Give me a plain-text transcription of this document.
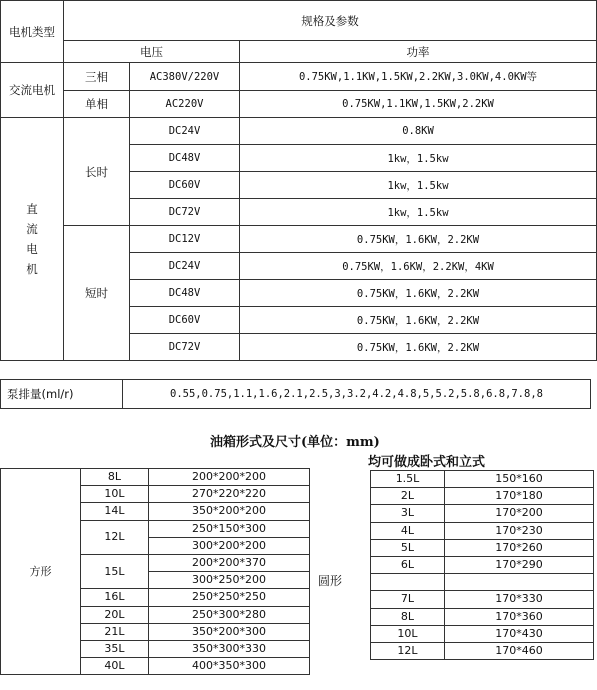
电机类型	规格及参数		
	电压		功率
交流电机	三相	AC380V/220V	0.75KW,1.1KW,1.5KW,2.2KW,3.0KW,4.0KW等
	单相	AC220V	0.75KW,1.1KW,1.5KW,2.2KW
直流电机	长时	DC24V	0.8KW
		DC48V	1kw，1.5kw
		DC60V	1kw，1.5kw
		DC72V	1kw，1.5kw
	短时	DC12V	0.75KW，1.6KW，2.2KW
		DC24V	0.75KW，1.6KW，2.2KW，4KW
		DC48V	0.75KW，1.6KW，2.2KW
		DC60V	0.75KW，1.6KW，2.2KW
		DC72V	0.75KW，1.6KW，2.2KW
泵排量(ml/r)	0.55,0.75,1.1,1.6,2.1,2.5,3,3.2,4.2,4.8,5,5.2,5.8,6.8,7.8,8
油箱形式及尺寸(单位：mm)
均可做成卧式和立式
方形	8L	200*200*200
	10L	270*220*220
	14L	350*200*200
	12L	250*150*300
		300*200*200
	15L	200*200*370
		300*250*200
	16L	250*250*250
	20L	250*300*280
	21L	350*200*300
	35L	350*300*330
	40L	400*350*300
	1.5L	150*160
2L	170*180
3L	170*200
4L	170*230
5L	170*260
6L	170*290

7L	170*330
8L	170*360
10L	170*430
12L	170*460
圆形
